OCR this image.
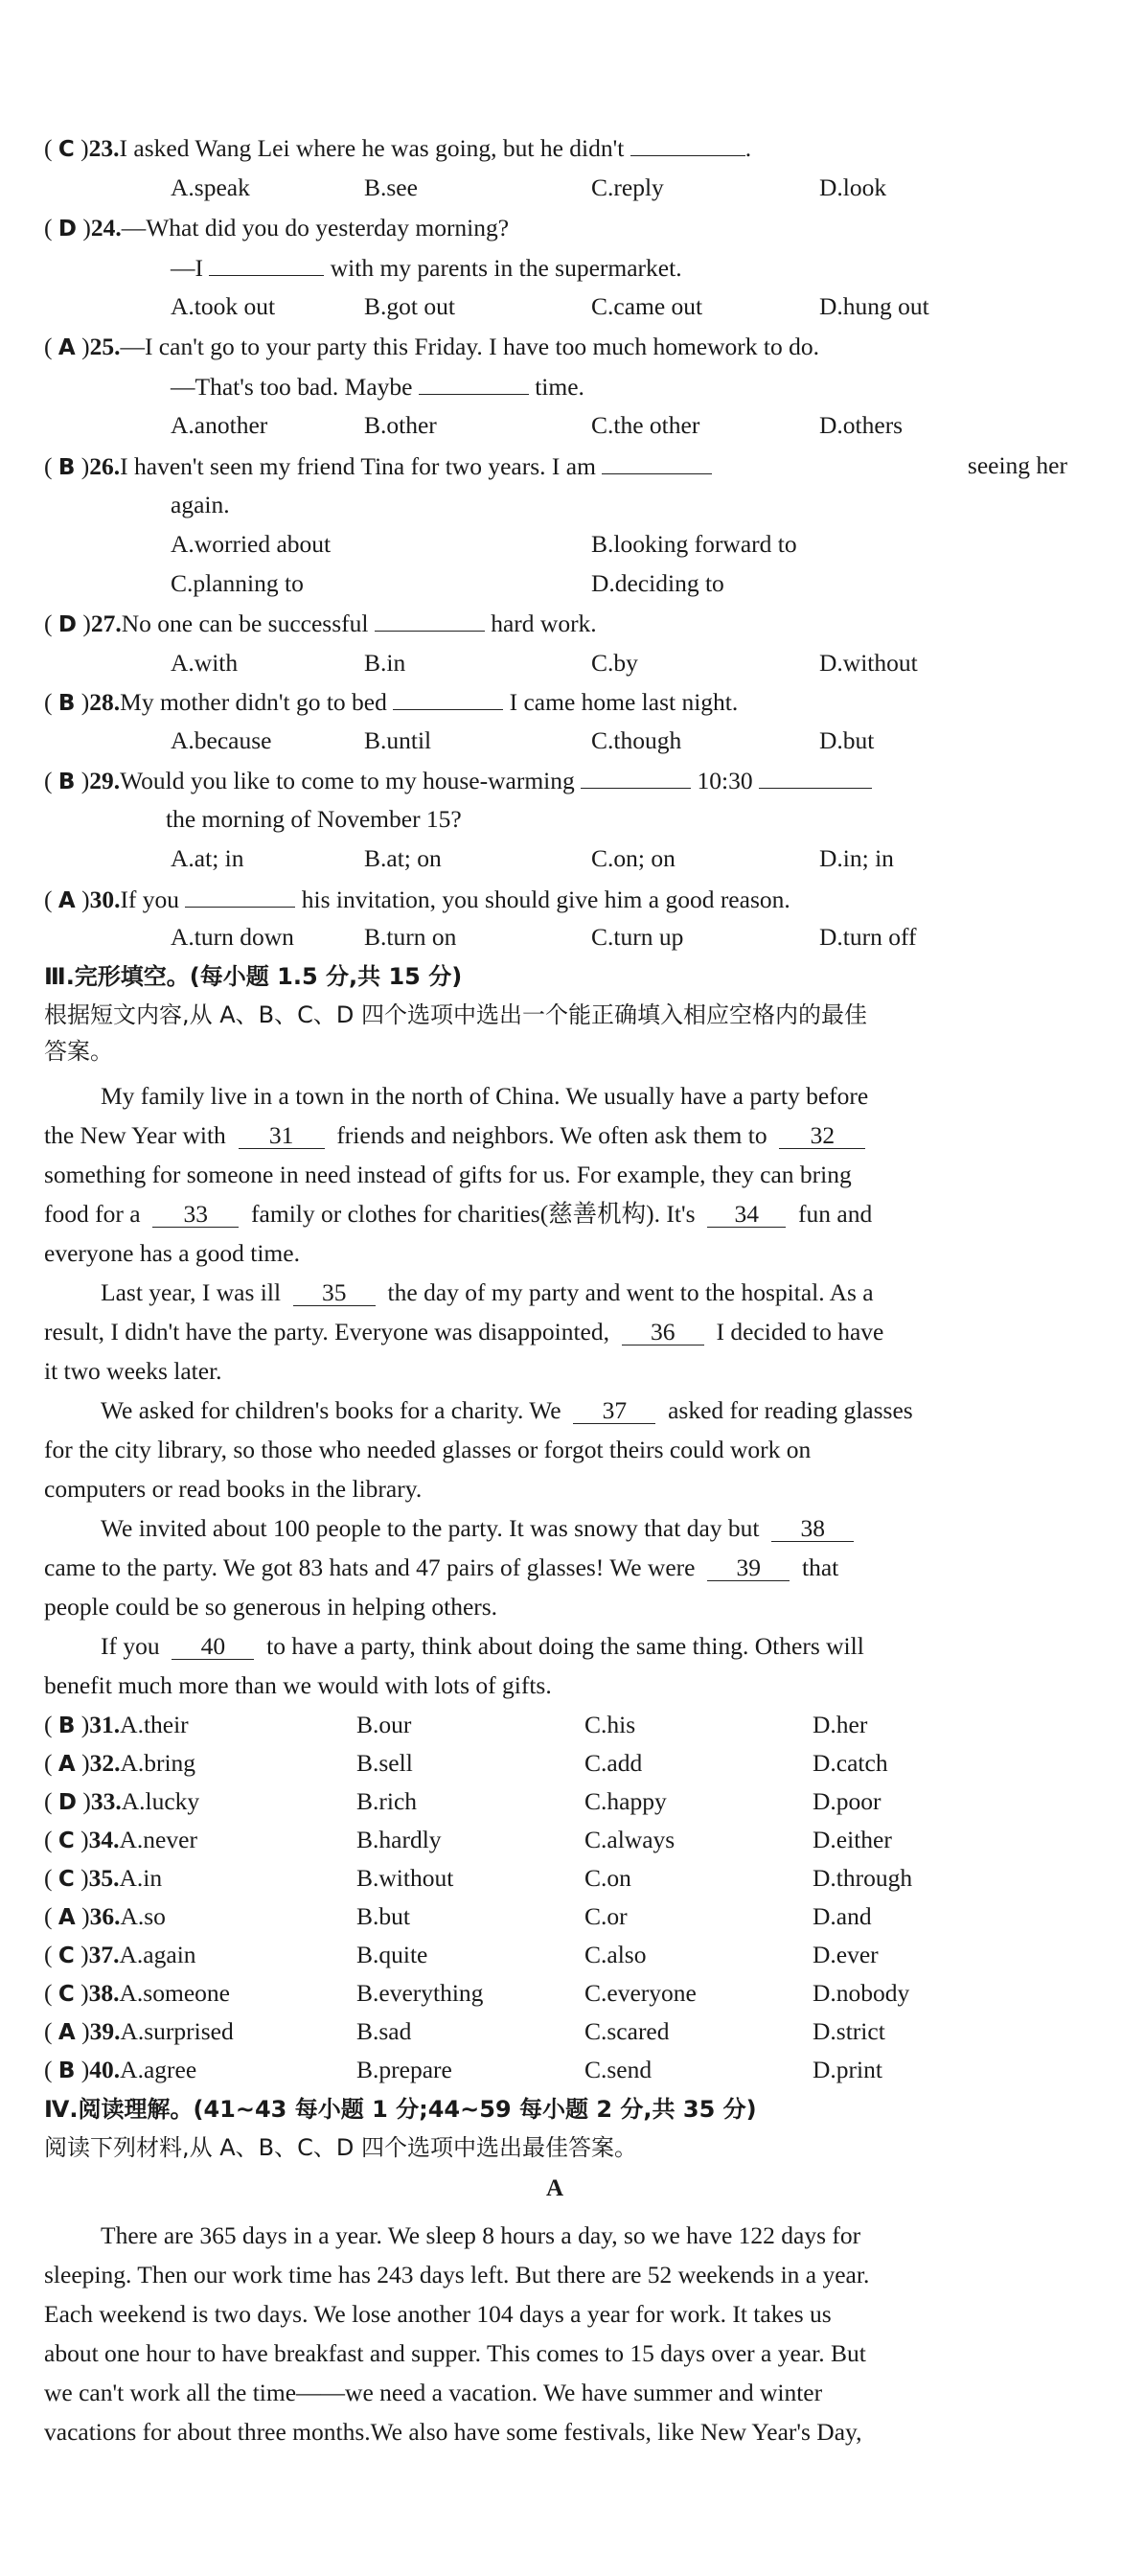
( C )23.I asked Wang Lei where he was going, but he didn't	.
A.speak	B.see	C.reply	D.look
( D )24.—What did you do yesterday morning?
—I	with my parents in the supermarket.
A.took out	B.got out	C.came out	D.hung out
( A )25.—I can't go to your party this Friday. I have too much homework to do.
—That's too bad. Maybe	time.
A.another	B.other	C.the other	D.others
( B )26.I haven't seen my friend Tina for two years. I am	seeing her
again.
A.worried about	B.looking forward to
C.planning to	D.deciding to
( D )27.No one can be successful	hard work.
A.with	B.in	C.by	D.without
( B )28.My mother didn't go to bed	I came home last night.
A.because	B.until	C.though	D.but
( B )29.Would you like to come to my house-warming	10:30
the morning of November 15?
A.at; in	B.at; on	C.on; on	D.in; in
( A )30.If you	his invitation, you should give him a good reason.
A.turn down	B.turn on	C.turn up	D.turn off
Ⅲ.完形填空。(每小题 1.5 分,共 15 分)
根据短文内容,从 A、B、C、D 四个选项中选出一个能正确填入相应空格内的最佳
答案。
My family live in a town in the north of China. We usually have a party before
the New Year with 31 friends and neighbors. We often ask them to 32
something for someone in need instead of gifts for us. For example, they can bring
food for a 33 family or clothes for charities(慈善机构). It's 34 fun and
everyone has a good time.
Last year, I was ill 35 the day of my party and went to the hospital. As a
result, I didn't have the party. Everyone was disappointed, 36 I decided to have
it two weeks later.
We asked for children's books for a charity. We 37 asked for reading glasses
for the city library, so those who needed glasses or forgot theirs could work on
computers or read books in the library.
We invited about 100 people to the party. It was snowy that day but 38
came to the party. We got 83 hats and 47 pairs of glasses! We were 39 that
people could be so generous in helping others.
If you 40 to have a party, think about doing the same thing. Others will
benefit much more than we would with lots of gifts.
( B )31.A.their	B.our	C.his	D.her
( A )32.A.bring	B.sell	C.add	D.catch
( D )33.A.lucky	B.rich	C.happy	D.poor
( C )34.A.never	B.hardly	C.always	D.either
( C )35.A.in	B.without	C.on	D.through
( A )36.A.so	B.but	C.or	D.and
( C )37.A.again	B.quite	C.also	D.ever
( C )38.A.someone	B.everything	C.everyone	D.nobody
( A )39.A.surprised	B.sad	C.scared	D.strict
( B )40.A.agree	B.prepare	C.send	D.print
Ⅳ.阅读理解。(41~43 每小题 1 分;44~59 每小题 2 分,共 35 分)
阅读下列材料,从 A、B、C、D 四个选项中选出最佳答案。
A
There are 365 days in a year. We sleep 8 hours a day, so we have 122 days for
sleeping. Then our work time has 243 days left. But there are 52 weekends in a year.
Each weekend is two days. We lose another 104 days a year for work. It takes us
about one hour to have breakfast and supper. This comes to 15 days over a year. But
we can't work all the time——we need a vacation. We have summer and winter
vacations for about three months.We also have some festivals, like New Year's Day,
